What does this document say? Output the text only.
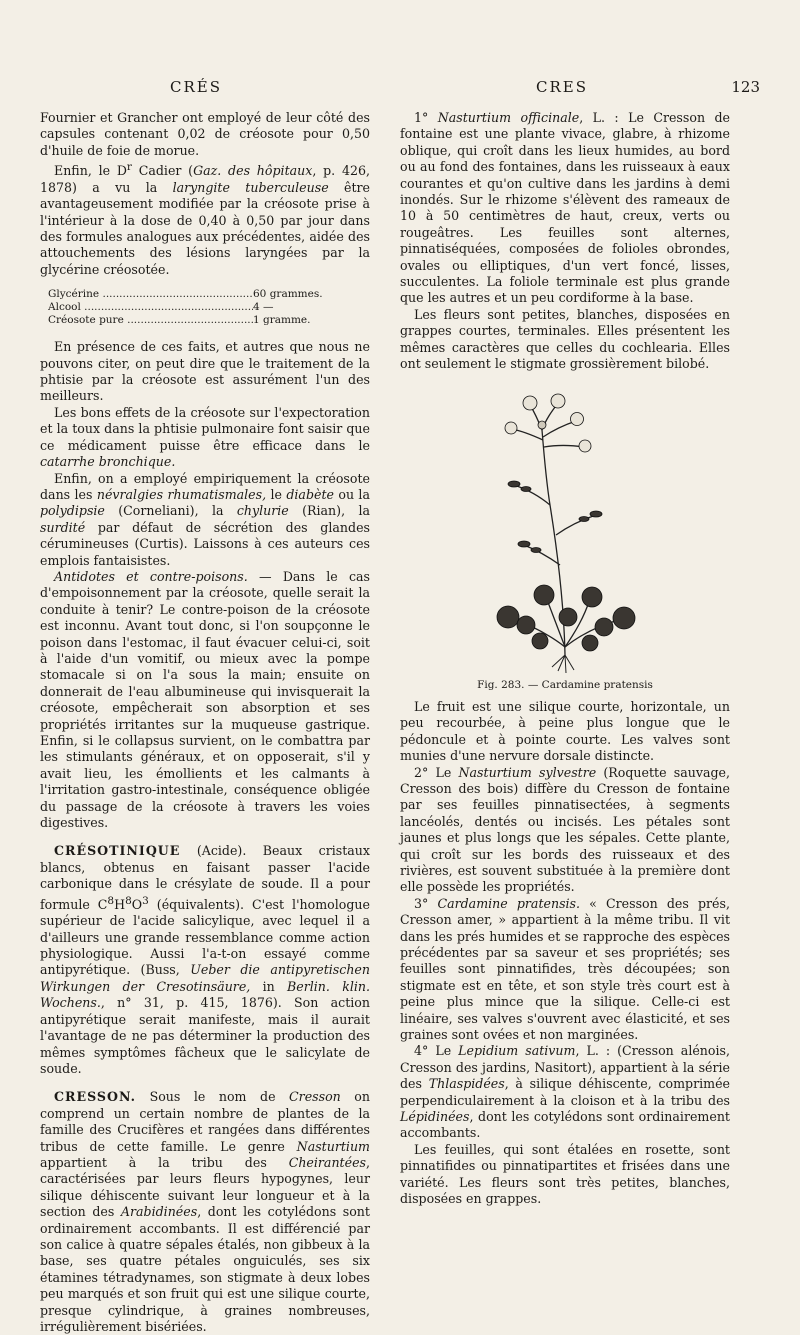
CRÉS	CRES	123

Fournier et Grancher ont employé de leur côté des capsules contenant 0,02 de créosote pour 0,50 d'huile de foie de morue.

Enfin, le $D^r$ Cadier (Gaz. des hôpitaux, p. 426, 1878) a vu la laryngite tuberculeuse être avantageusement modifiée par la créosote prise à l'intérieur à la dose de 0,40 à 0,50 par jour dans des formules analogues aux précédentes, aidée des attouchements des lésions laryngées par la glycérine créosotée.

Glycérine .....	60 grammes.
Alcool .....	4 —
Créosote pure .....	1 gramme.

En présence de ces faits, et autres que nous ne pouvons citer, on peut dire que le traitement de la phtisie par la créosote est assurément l'un des meilleurs.

Les bons effets de la créosote sur l'expectoration et la toux dans la phtisie pulmonaire font saisir que ce médicament puisse être efficace dans le catarrhe bronchique.

Enfin, on a employé empiriquement la créosote dans les névralgies rhumatismales, le diabète ou la polydipsie (Corneliani), la chylurie (Rian), la surdité par défaut de sécrétion des glandes cérumineuses (Curtis). Laissons à ces auteurs ces emplois fantaisistes.

Antidotes et contre-poisons. — Dans le cas d'empoisonnement par la créosote, quelle serait la conduite à tenir? Le contre-poison de la créosote est inconnu. Avant tout donc, si l'on soupçonne le poison dans l'estomac, il faut évacuer celui-ci, soit à l'aide d'un vomitif, ou mieux avec la pompe stomacale si on l'a sous la main; ensuite on donnerait de l'eau albumineuse qui invisquerait la créosote, empêcherait son absorption et ses propriétés irritantes sur la muqueuse gastrique. Enfin, si le collapsus survient, on le combattra par les stimulants généraux, et on opposerait, s'il y avait lieu, les émollients et les calmants à l'irritation gastro-intestinale, conséquence obligée du passage de la créosote à travers les voies digestives.

CRÉSOTINIQUE (Acide). Beaux cristaux blancs, obtenus en faisant passer l'acide carbonique dans le crésylate de soude. Il a pour formule $C^8H^8O^3$ (équivalents). C'est l'homologue supérieur de l'acide salicylique, avec lequel il a d'ailleurs une grande ressemblance comme action physiologique. Aussi l'a-t-on essayé comme antipyrétique. (Buss, Ueber die antipyretischen Wirkungen der Cresotinsäure, in Berlin. klin. Wochens., n° 31, p. 415, 1876). Son action antipyrétique serait manifeste, mais il aurait l'avantage de ne pas déterminer la production des mêmes symptômes fâcheux que le salicylate de soude.

CRESSON. Sous le nom de Cresson on comprend un certain nombre de plantes de la famille des Crucifères et rangées dans différentes tribus de cette famille. Le genre Nasturtium appartient à la tribu des Cheirantées, caractérisées par leurs fleurs hypogynes, leur silique déhiscente suivant leur longueur et à la section des Arabidinées, dont les cotylédons sont ordinairement accombants. Il est différencié par son calice à quatre sépales étalés, non gibbeux à la base, ses quatre pétales onguiculés, ses six étamines tétradynames, son stigmate à deux lobes peu marqués et son fruit qui est une silique courte, presque cylindrique, à graines nombreuses, irrégulièrement bisériées.

1° Nasturtium officinale, L. : Le Cresson de fontaine est une plante vivace, glabre, à rhizome oblique, qui croît dans les lieux humides, au bord ou au fond des fontaines, dans les ruisseaux à eaux courantes et qu'on cultive dans les jardins à demi inondés. Sur le rhizome s'élèvent des rameaux de 10 à 50 centimètres de haut, creux, verts ou rougeâtres. Les feuilles sont alternes, pinnatiséquées, composées de folioles obrondes, ovales ou elliptiques, d'un vert foncé, lisses, succulentes. La foliole terminale est plus grande que les autres et un peu cordiforme à la base.

Les fleurs sont petites, blanches, disposées en grappes courtes, terminales. Elles présentent les mêmes caractères que celles du cochlearia. Elles ont seulement le stigmate grossièrement bilobé.

Fig. 283. — Cardamine pratensis

Le fruit est une silique courte, horizontale, un peu recourbée, à peine plus longue que le pédoncule et à pointe courte. Les valves sont munies d'une nervure dorsale distincte.

2° Le Nasturtium sylvestre (Roquette sauvage, Cresson des bois) diffère du Cresson de fontaine par ses feuilles pinnatisectées, à segments lancéolés, dentés ou incisés. Les pétales sont jaunes et plus longs que les sépales. Cette plante, qui croît sur les bords des ruisseaux et des rivières, est souvent substituée à la première dont elle possède les propriétés.

3° Cardamine pratensis. « Cresson des prés, Cresson amer, » appartient à la même tribu. Il vit dans les prés humides et se rapproche des espèces précédentes par sa saveur et ses propriétés; ses feuilles sont pinnatifides, très découpées; son stigmate est en tête, et son style très court est à peine plus mince que la silique. Celle-ci est linéaire, ses valves s'ouvrent avec élasticité, et ses graines sont ovées et non marginées.

4° Le Lepidium sativum, L. : (Cresson alénois, Cresson des jardins, Nasitort), appartient à la série des Thlaspidées, à silique déhiscente, comprimée perpendiculairement à la cloison et à la tribu des Lépidinées, dont les cotylédons sont ordinairement accombants.

Les feuilles, qui sont étalées en rosette, sont pinnatifides ou pinnatipartites et frisées dans une variété. Les fleurs sont très petites, blanches, disposées en grappes.
